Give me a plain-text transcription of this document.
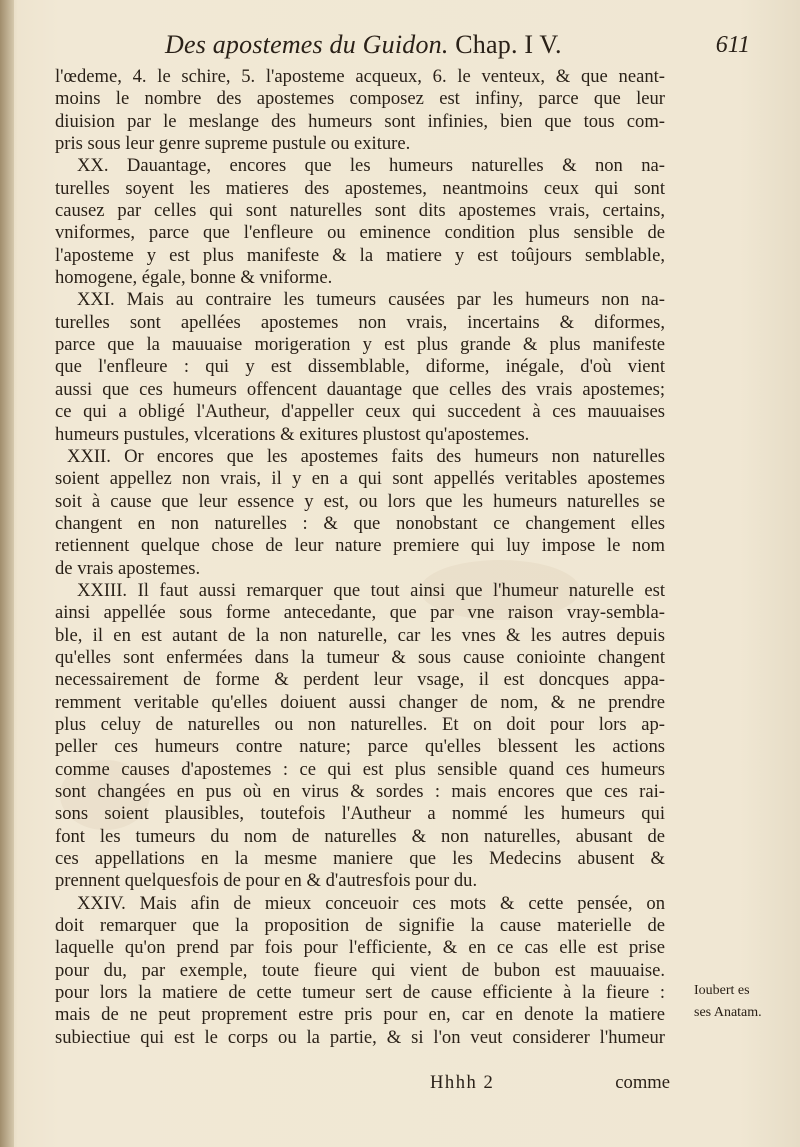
Des apostemes du Guidon. Chap. I V.	611
l'œdeme, 4. le schire, 5. l'aposteme acqueux, 6. le venteux, & que neant-
moins le nombre des apostemes composez est infiny, parce que leur
diuision par le meslange des humeurs sont infinies, bien que tous com-
pris sous leur genre supreme pustule ou exiture.
XX. Dauantage, encores que les humeurs naturelles & non na-
turelles soyent les matieres des apostemes, neantmoins ceux qui sont
causez par celles qui sont naturelles sont dits apostemes vrais, certains,
vniformes, parce que l'enfleure ou eminence condition plus sensible de
l'aposteme y est plus manifeste & la matiere y est toûjours semblable,
homogene, égale, bonne & vniforme.
XXI. Mais au contraire les tumeurs causées par les humeurs non na-
turelles sont apellées apostemes non vrais, incertains & diformes,
parce que la mauuaise morigeration y est plus grande & plus manifeste
que l'enfleure : qui y est dissemblable, diforme, inégale, d'où vient
aussi que ces humeurs offencent dauantage que celles des vrais apostemes;
ce qui a obligé l'Autheur, d'appeller ceux qui succedent à ces mauuaises
humeurs pustules, vlcerations & exitures plustost qu'apostemes.
XXII. Or encores que les apostemes faits des humeurs non naturelles
soient appellez non vrais, il y en a qui sont appellés veritables apostemes
soit à cause que leur essence y est, ou lors que les humeurs naturelles se
changent en non naturelles : & que nonobstant ce changement elles
retiennent quelque chose de leur nature premiere qui luy impose le nom
de vrais apostemes.
XXIII. Il faut aussi remarquer que tout ainsi que l'humeur naturelle est
ainsi appellée sous forme antecedante, que par vne raison vray-sembla-
ble, il en est autant de la non naturelle, car les vnes & les autres depuis
qu'elles sont enfermées dans la tumeur & sous cause coniointe changent
necessairement de forme & perdent leur vsage, il est doncques appa-
remment veritable qu'elles doiuent aussi changer de nom, & ne prendre
plus celuy de naturelles ou non naturelles. Et on doit pour lors ap-
peller ces humeurs contre nature; parce qu'elles blessent les actions
comme causes d'apostemes : ce qui est plus sensible quand ces humeurs
sont changées en pus où en virus & sordes : mais encores que ces rai-
sons soient plausibles, toutefois l'Autheur a nommé les humeurs qui
font les tumeurs du nom de naturelles & non naturelles, abusant de
ces appellations en la mesme maniere que les Medecins abusent &
prennent quelquesfois de pour en & d'autresfois pour du.
XXIV. Mais afin de mieux conceuoir ces mots & cette pensée, on
doit remarquer que la proposition de signifie la cause materielle de
laquelle qu'on prend par fois pour l'efficiente, & en ce cas elle est prise
pour du, par exemple, toute fieure qui vient de bubon est mauuaise.
pour lors la matiere de cette tumeur sert de cause efficiente à la fieure :
mais de ne peut proprement estre pris pour en, car en denote la matiere
subiectiue qui est le corps ou la partie, & si l'on veut considerer l'humeur
Ioubert es
ses Anatam.
Hhhh 2	comme
